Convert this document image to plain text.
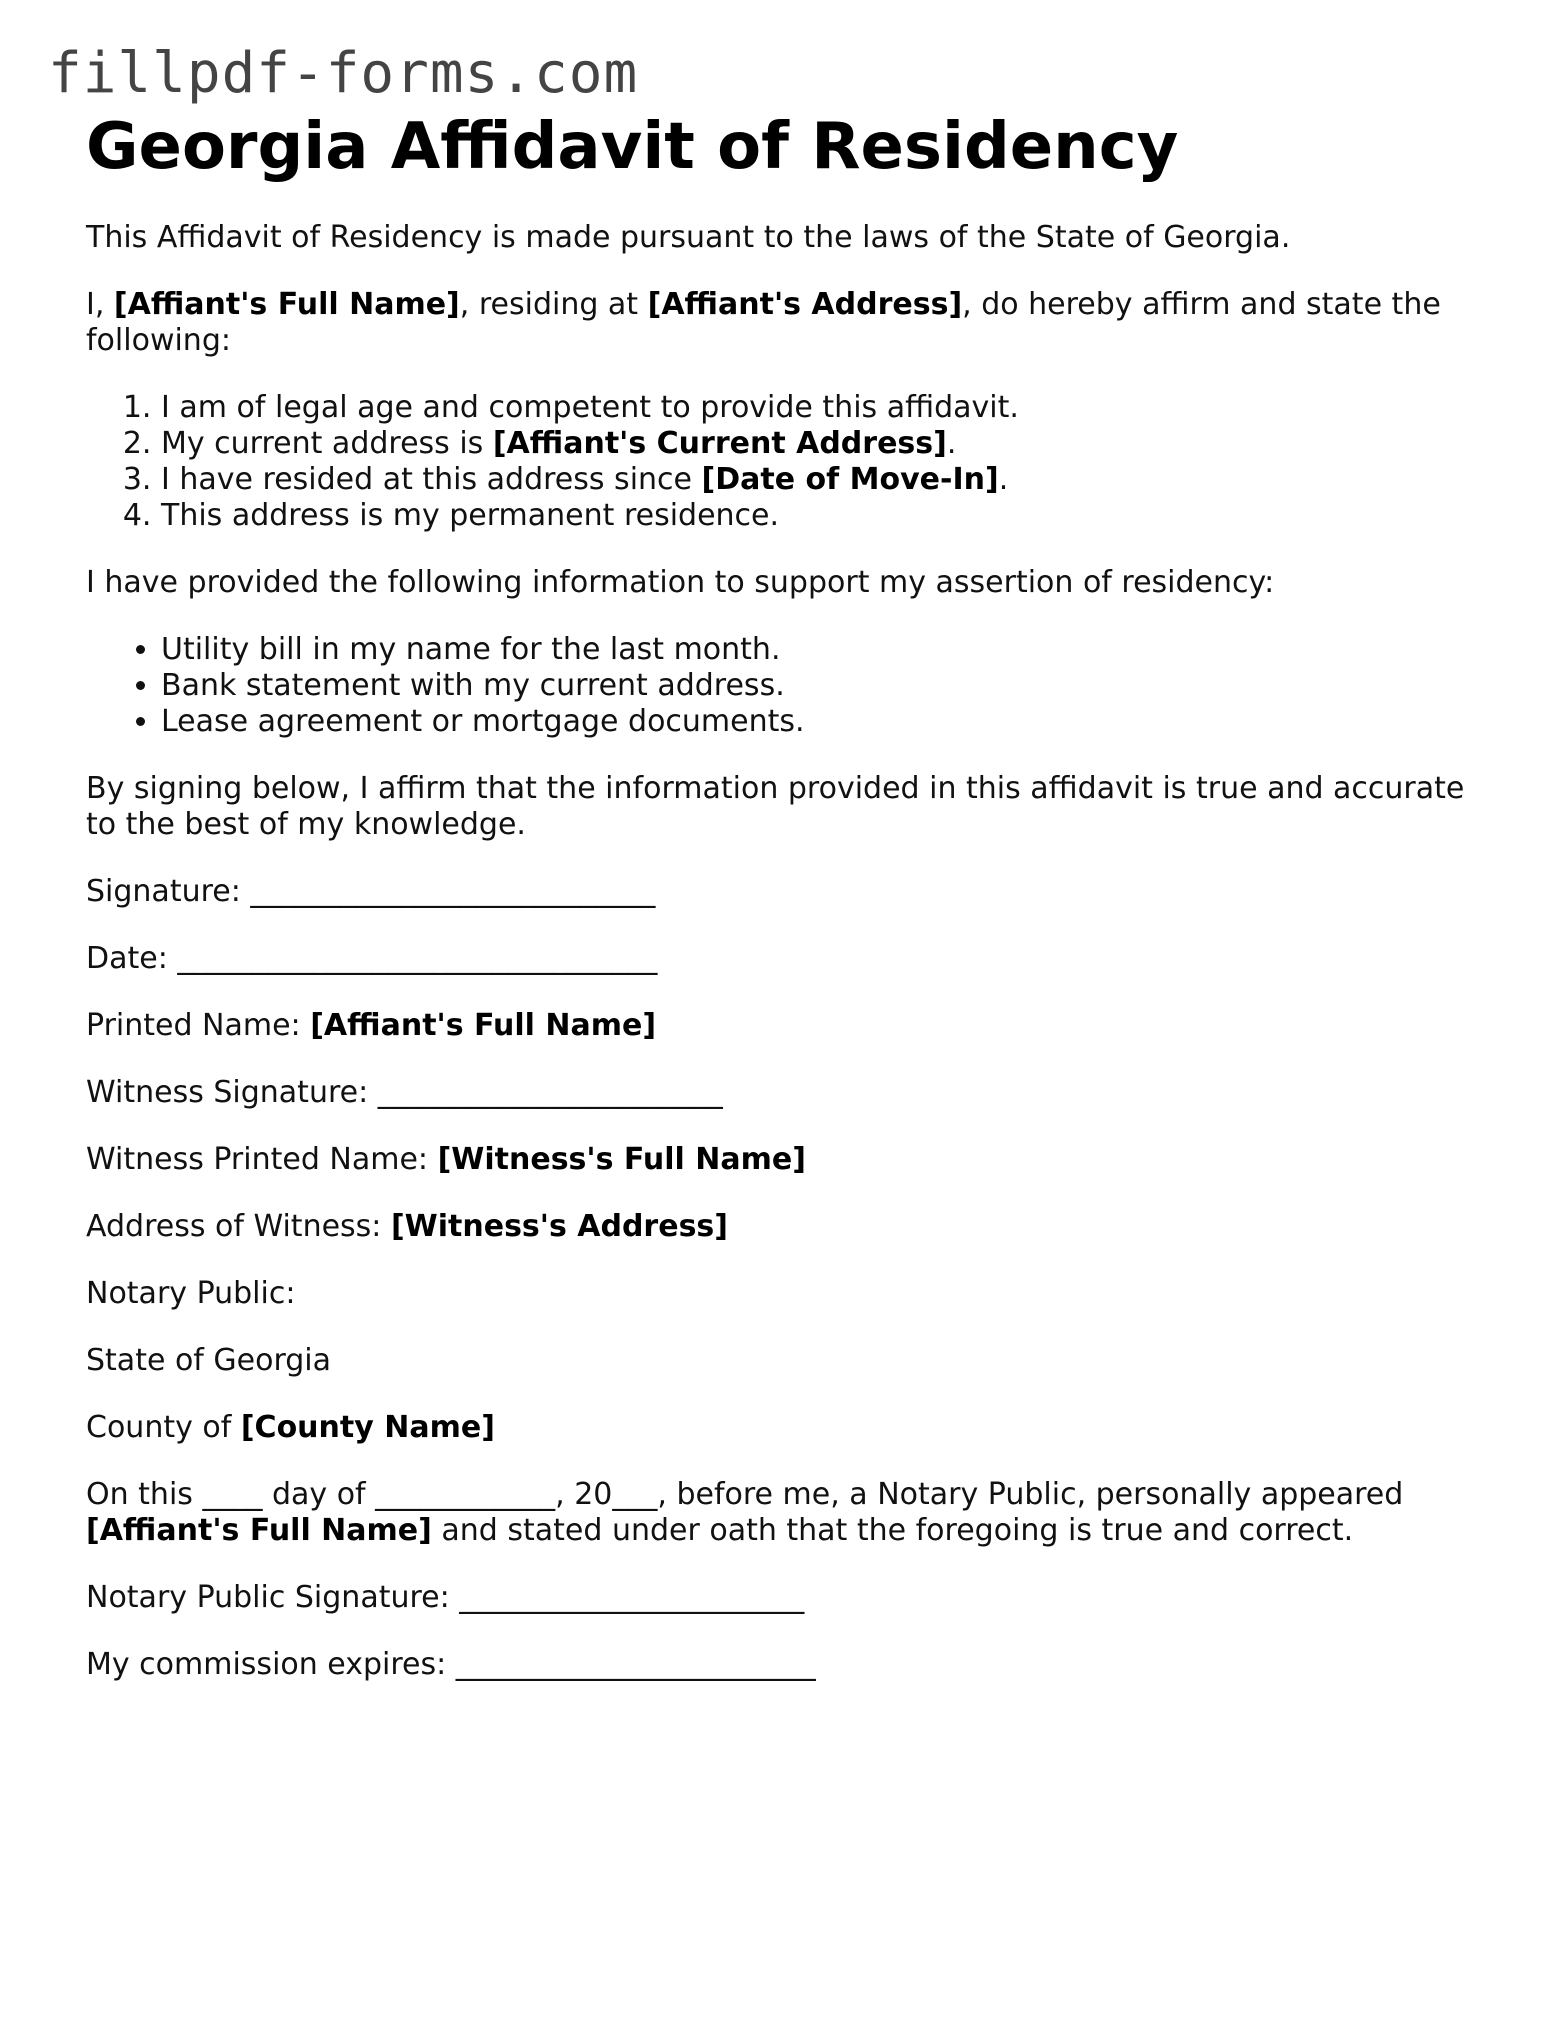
fillpdf-forms.com
Georgia Affidavit of Residency

This Affidavit of Residency is made pursuant to the laws of the State of Georgia.

I, [Affiant's Full Name], residing at [Affiant's Address], do hereby affirm and state the following:

1. I am of legal age and competent to provide this affidavit.
2. My current address is [Affiant's Current Address].
3. I have resided at this address since [Date of Move-In].
4. This address is my permanent residence.

I have provided the following information to support my assertion of residency:

• Utility bill in my name for the last month.
• Bank statement with my current address.
• Lease agreement or mortgage documents.

By signing below, I affirm that the information provided in this affidavit is true and accurate to the best of my knowledge.

Signature: ___________________________

Date: ________________________________

Printed Name: [Affiant's Full Name]

Witness Signature: _______________________

Witness Printed Name: [Witness's Full Name]

Address of Witness: [Witness's Address]

Notary Public:

State of Georgia

County of [County Name]

On this ____ day of ____________, 20___, before me, a Notary Public, personally appeared [Affiant's Full Name] and stated under oath that the foregoing is true and correct.

Notary Public Signature: _______________________

My commission expires: ________________________
